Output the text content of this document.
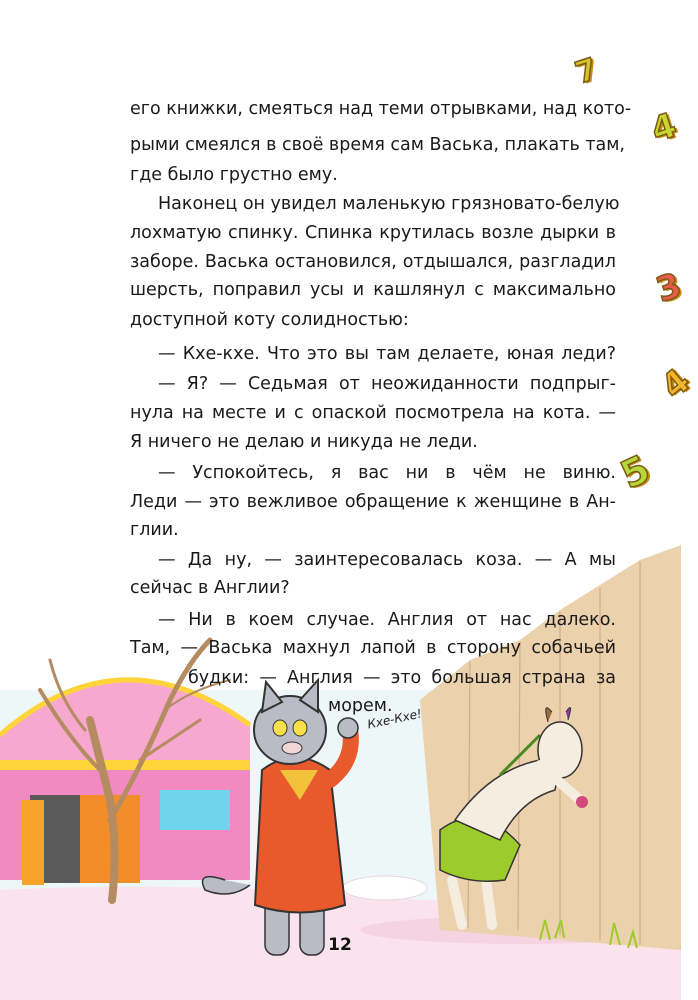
Кхе-Кхе!
7
4
3
4
5
его книжки, смеяться над теми отрывками, над кото-
рыми смеялся в своё время сам Васька, плакать там,
где было грустно ему.
Наконец он увидел маленькую грязновато-белую
лохматую спинку. Спинка крутилась возле дырки в
заборе. Васька остановился, отдышался, разгладил
шерсть, поправил усы и кашлянул с максимально
доступной коту солидностью:
— Кхе-кхе. Что это вы там делаете, юная леди?
— Я? — Седьмая от неожиданности подпрыг-
нула на месте и с опаской посмотрела на кота. —
Я ничего не делаю и никуда не леди.
— Успокойтесь, я вас ни в чём не виню.
Леди — это вежливое обращение к женщине в Ан-
глии.
— Да ну, — заинтересовалась коза. — А мы
сейчас в Англии?
— Ни в коем случае. Англия от нас далеко.
Там, — Васька махнул лапой в сторону собачьей
будки: — Англия — это большая страна за
морем.
12
